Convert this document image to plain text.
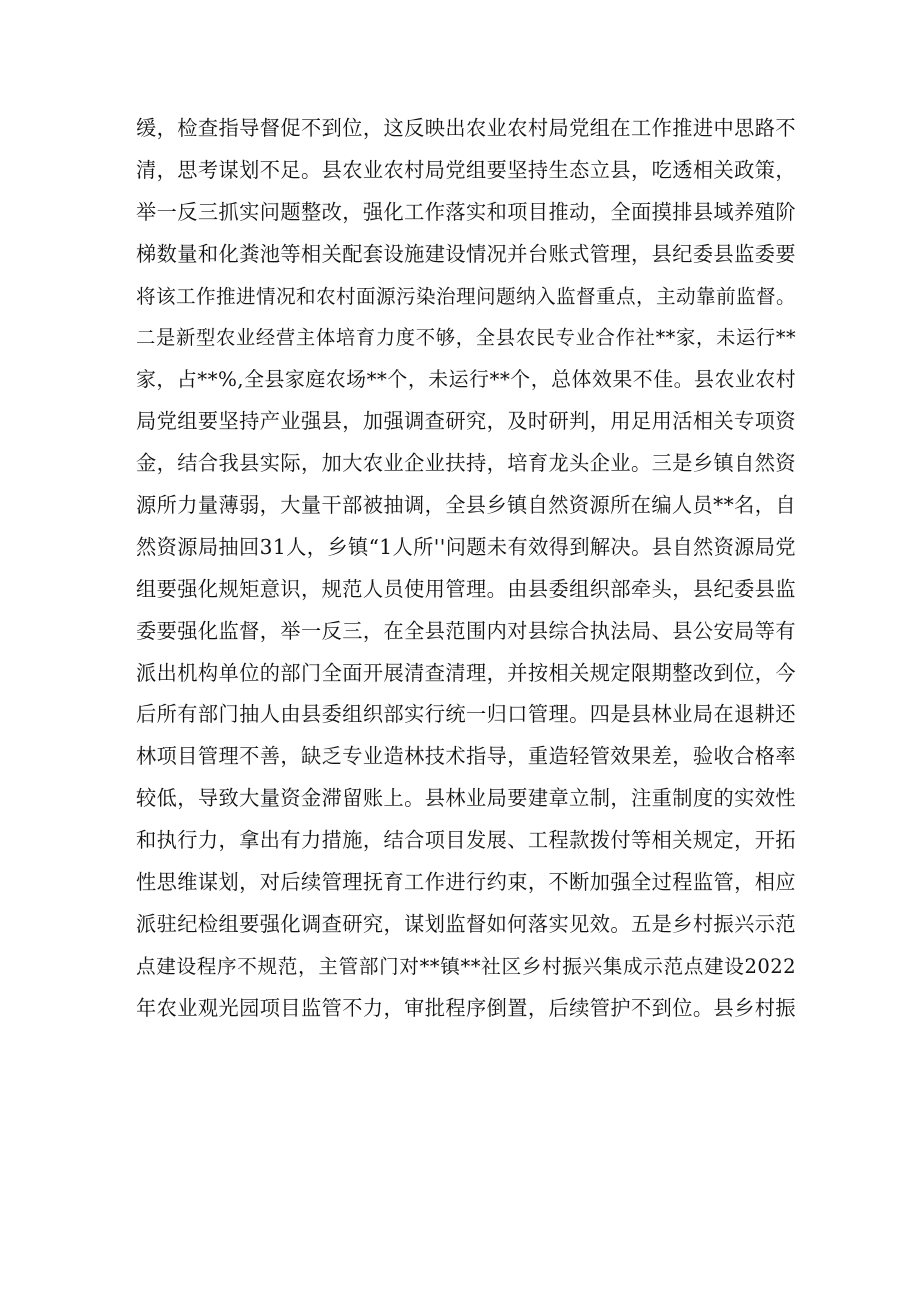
缓，检查指导督促不到位，这反映出农业农村局党组在工作推进中思路不
清，思考谋划不足。县农业农村局党组要坚持生态立县，吃透相关政策，
举一反三抓实问题整改，强化工作落实和项目推动，全面摸排县域养殖阶
梯数量和化粪池等相关配套设施建设情况并台账式管理，县纪委县监委要
将该工作推进情况和农村面源污染治理问题纳入监督重点，主动靠前监督。
二是新型农业经营主体培育力度不够，全县农民专业合作社**家，未运行**
家，占**%,全县家庭农场**个，未运行**个，总体效果不佳。县农业农村
局党组要坚持产业强县，加强调查研究，及时研判，用足用活相关专项资
金，结合我县实际，加大农业企业扶持，培育龙头企业。三是乡镇自然资
源所力量薄弱，大量干部被抽调，全县乡镇自然资源所在编人员**名，自
然资源局抽回31人，乡镇“1人所''问题未有效得到解决。县自然资源局党
组要强化规矩意识，规范人员使用管理。由县委组织部牵头，县纪委县监
委要强化监督，举一反三，在全县范围内对县综合执法局、县公安局等有
派出机构单位的部门全面开展清查清理，并按相关规定限期整改到位，今
后所有部门抽人由县委组织部实行统一归口管理。四是县林业局在退耕还
林项目管理不善，缺乏专业造林技术指导，重造轻管效果差，验收合格率
较低，导致大量资金滞留账上。县林业局要建章立制，注重制度的实效性
和执行力，拿出有力措施，结合项目发展、工程款拨付等相关规定，开拓
性思维谋划，对后续管理抚育工作进行约束，不断加强全过程监管，相应
派驻纪检组要强化调查研究，谋划监督如何落实见效。五是乡村振兴示范
点建设程序不规范，主管部门对**镇**社区乡村振兴集成示范点建设2022
年农业观光园项目监管不力，审批程序倒置，后续管护不到位。县乡村振
